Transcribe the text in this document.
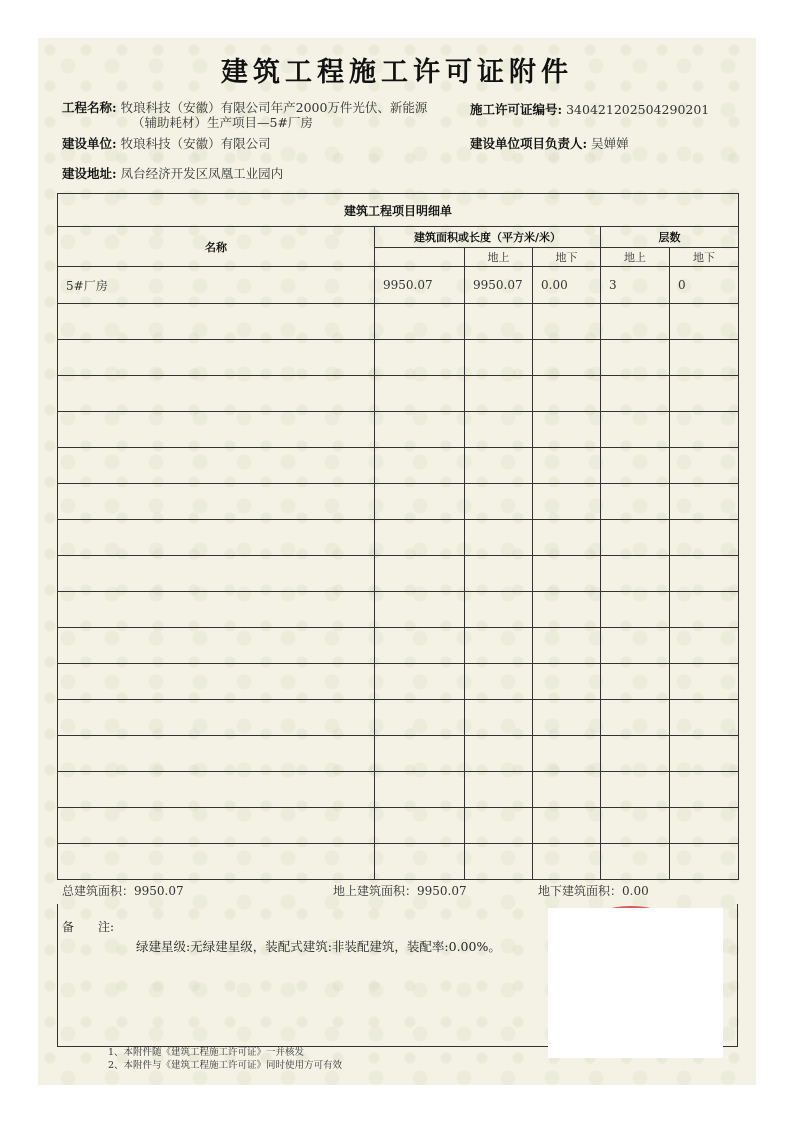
建筑工程施工许可证附件
工程名称: 牧琅科技（安徽）有限公司年产2000万件光伏、新能源
（辅助耗材）生产项目—5#厂房
施工许可证编号: 340421202504290201
建设单位: 牧琅科技（安徽）有限公司	建设单位项目负责人: 吴婵婵
建设地址: 凤台经济开发区凤凰工业园内
建筑工程项目明细单					
名称	建筑面积或长度（平方米/米）			层数	
		地上	地下	地上	地下
5#厂房	9950.07	9950.07	0.00	3	0

总建筑面积：9950.07	地上建筑面积：9950.07	地下建筑面积：0.00
备　　注:
绿建星级:无绿建星级，装配式建筑:非装配建筑，装配率:0.00%。
1、本附件随《建筑工程施工许可证》一并核发
2、本附件与《建筑工程施工许可证》同时使用方可有效
